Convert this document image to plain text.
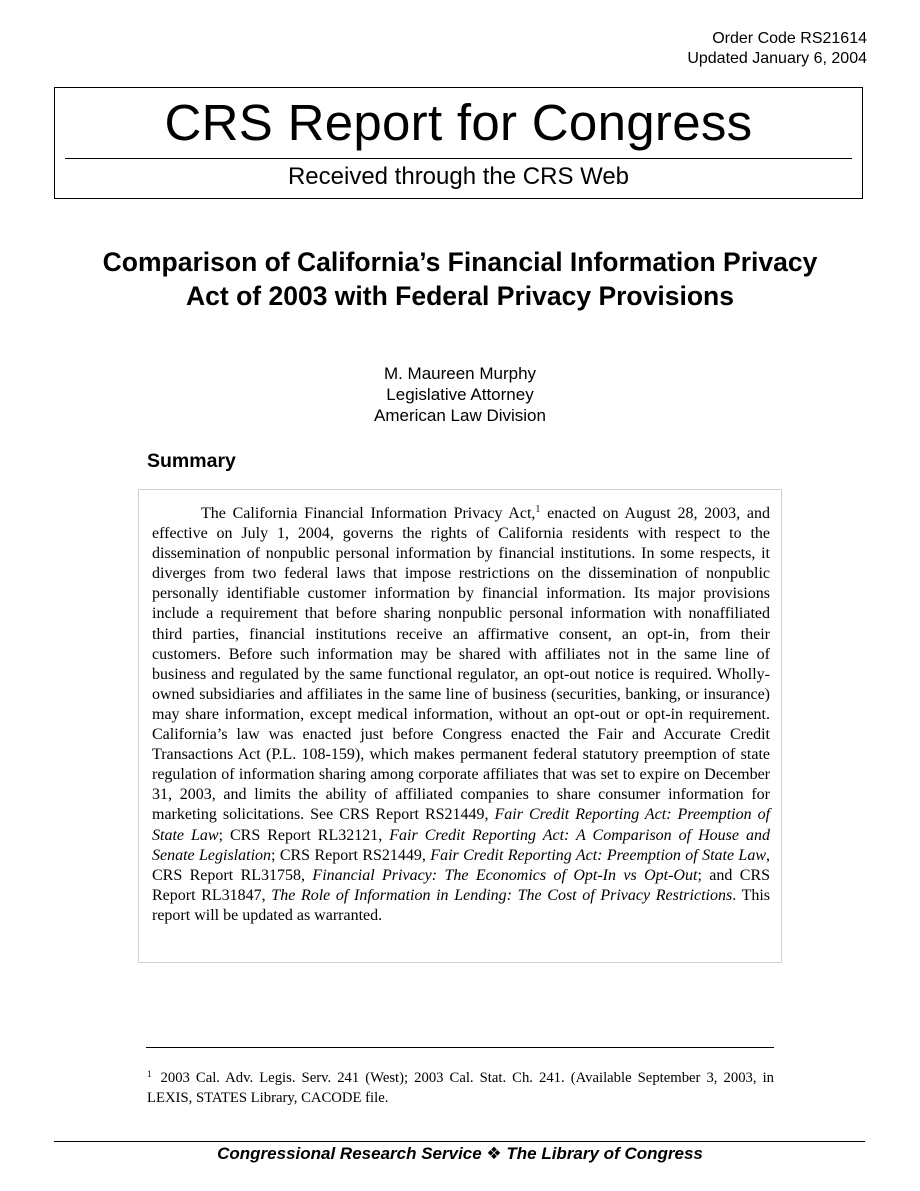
Order Code RS21614
Updated January 6, 2004
CRS Report for Congress
Received through the CRS Web
Comparison of California’s Financial Information Privacy Act of 2003 with Federal Privacy Provisions
M. Maureen Murphy
Legislative Attorney
American Law Division
Summary

The California Financial Information Privacy Act,$^1$ enacted on August 28, 2003, and effective on July 1, 2004, governs the rights of California residents with respect to the dissemination of nonpublic personal information by financial institutions. In some respects, it diverges from two federal laws that impose restrictions on the dissemination of nonpublic personally identifiable customer information by financial information. Its major provisions include a requirement that before sharing nonpublic personal information with nonaffiliated third parties, financial institutions receive an affirmative consent, an opt-in, from their customers. Before such information may be shared with affiliates not in the same line of business and regulated by the same functional regulator, an opt-out notice is required. Wholly-owned subsidiaries and affiliates in the same line of business (securities, banking, or insurance) may share information, except medical information, without an opt-out or opt-in requirement. California’s law was enacted just before Congress enacted the Fair and Accurate Credit Transactions Act (P.L. 108-159), which makes permanent federal statutory preemption of state regulation of information sharing among corporate affiliates that was set to expire on December 31, 2003, and limits the ability of affiliated companies to share consumer information for marketing solicitations. See CRS Report RS21449, Fair Credit Reporting Act: Preemption of State Law; CRS Report RL32121, Fair Credit Reporting Act: A Comparison of House and Senate Legislation; CRS Report RS21449, Fair Credit Reporting Act: Preemption of State Law, CRS Report RL31758, Financial Privacy: The Economics of Opt-In vs Opt-Out; and CRS Report RL31847, The Role of Information in Lending: The Cost of Privacy Restrictions. This report will be updated as warranted.

$^1$ 2003 Cal. Adv. Legis. Serv. 241 (West); 2003 Cal. Stat. Ch. 241. (Available September 3, 2003, in LEXIS, STATES Library, CACODE file.

Congressional Research Service ❖ The Library of Congress
